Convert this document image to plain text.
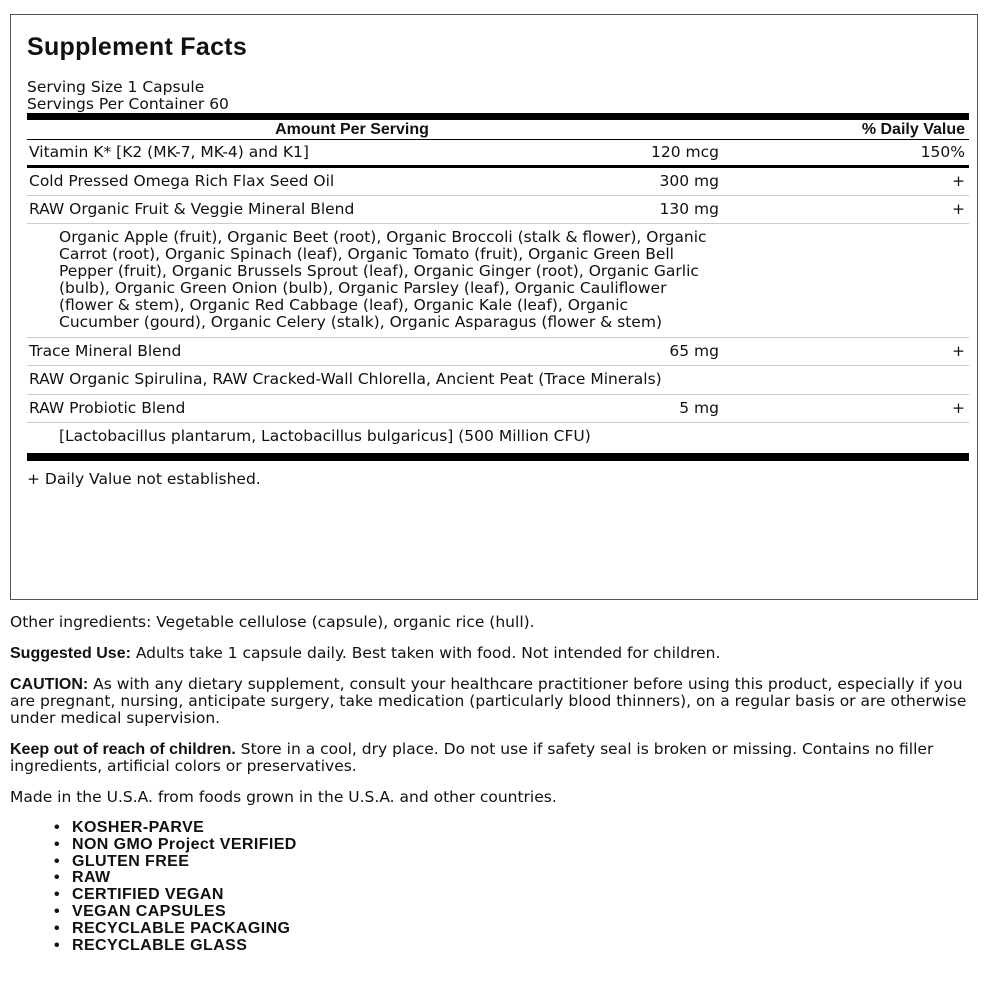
Supplement Facts
Serving Size 1 Capsule
Servings Per Container 60
Amount Per Serving	% Daily Value
Vitamin K* [K2 (MK-7, MK-4) and K1]	120 mcg	150%
Cold Pressed Omega Rich Flax Seed Oil	300 mg	+
RAW Organic Fruit & Veggie Mineral Blend	130 mg	+
Organic Apple (fruit), Organic Beet (root), Organic Broccoli (stalk & flower), Organic Carrot (root), Organic Spinach (leaf), Organic Tomato (fruit), Organic Green Bell Pepper (fruit), Organic Brussels Sprout (leaf), Organic Ginger (root), Organic Garlic (bulb), Organic Green Onion (bulb), Organic Parsley (leaf), Organic Cauliflower (flower & stem), Organic Red Cabbage (leaf), Organic Kale (leaf), Organic Cucumber (gourd), Organic Celery (stalk), Organic Asparagus (flower & stem)
Trace Mineral Blend	65 mg	+
RAW Organic Spirulina, RAW Cracked-Wall Chlorella, Ancient Peat (Trace Minerals)
RAW Probiotic Blend	5 mg	+
[Lactobacillus plantarum, Lactobacillus bulgaricus] (500 Million CFU)
+ Daily Value not established.

Other ingredients: Vegetable cellulose (capsule), organic rice (hull).

Suggested Use: Adults take 1 capsule daily. Best taken with food. Not intended for children.

CAUTION: As with any dietary supplement, consult your healthcare practitioner before using this product, especially if you are pregnant, nursing, anticipate surgery, take medication (particularly blood thinners), on a regular basis or are otherwise under medical supervision.

Keep out of reach of children. Store in a cool, dry place. Do not use if safety seal is broken or missing. Contains no filler ingredients, artificial colors or preservatives.

Made in the U.S.A. from foods grown in the U.S.A. and other countries.

• KOSHER-PARVE
• NON GMO Project VERIFIED
• GLUTEN FREE
• RAW
• CERTIFIED VEGAN
• VEGAN CAPSULES
• RECYCLABLE PACKAGING
• RECYCLABLE GLASS
